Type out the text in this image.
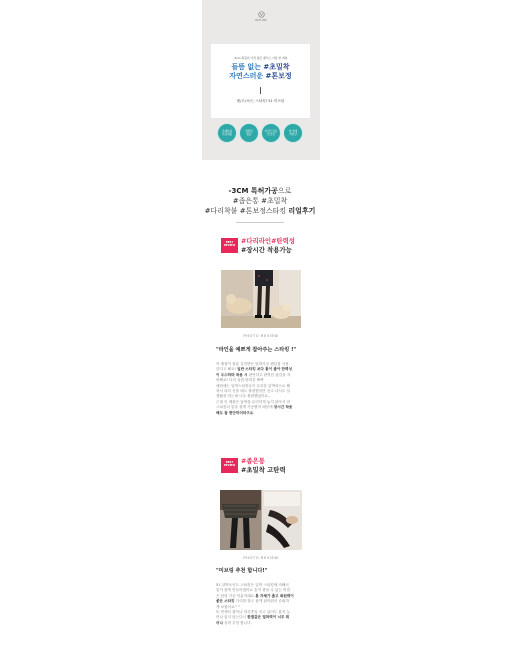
MIZLINE
-3cm 원핏의 가장 얇은 팬티스 거린 한 개의
들뜸 없는 #초밀착
자연스러운 #톤보정
팬/고/쓰/는 스타킹! 51 미브링
국제특허
인증제품
압박감
없음
자연스러운
톤보정
한 번에
착용감
-3CM 특허가공으로
#좁은통 #초밀착
#다리착붙 #톤보정스타킹 리얼후기
BEST
REVIEW
#다리라인#탄력성
#장시간 착용가능
PHOTO REVIEW
"라인을 예쁘게 잡아주는 스타킹 !"
이 제품이 광유 특허받은 탄력가공 팬티를 사용
한다고 해요! 일반 스타킹 보다 통이 좁아 탄력성
이 우수하며 착용 시 편안하고 완벽한 핏감을 자
랑해요! 다리 살결 탄력감 빠짝
매번매는 압박스타킹들이 무리한 압박력으로 해
져서 되어 신을 때도 불편했지만 신고 나서도 일
생활을 하는데 너무 불편했었어요..
근데 이 제품은 압박을 무리하게 놓지 않아서 라
스타킹처 통을 줄게 가공했지 때문에 장시간 착용
해도 참 편안하더라구요.
BEST
REVIEW
#좁은통
#초밀착 고탄력
PHOTO REVIEW
"미브링 추천 합니다!"
51 압박포인트 스타킹은 일반 스타킹에 비해서
통이 좁게 만들어졌어요 통이 좁을 수 있는 비결
은 탄력 가공 덕분이래요 통 자체가 좁고 복원력이
좋은 스타킹 다리를 잘도 잡게 잡아줘서 슬림하
게 보였어요^^
또 빈센티 출이나 하루종일 신고 있어도 잡지 늦
어나 있지 않는다니 한결같은 밀착력이 너무 뛰
어나 강력 추천 합니다.
